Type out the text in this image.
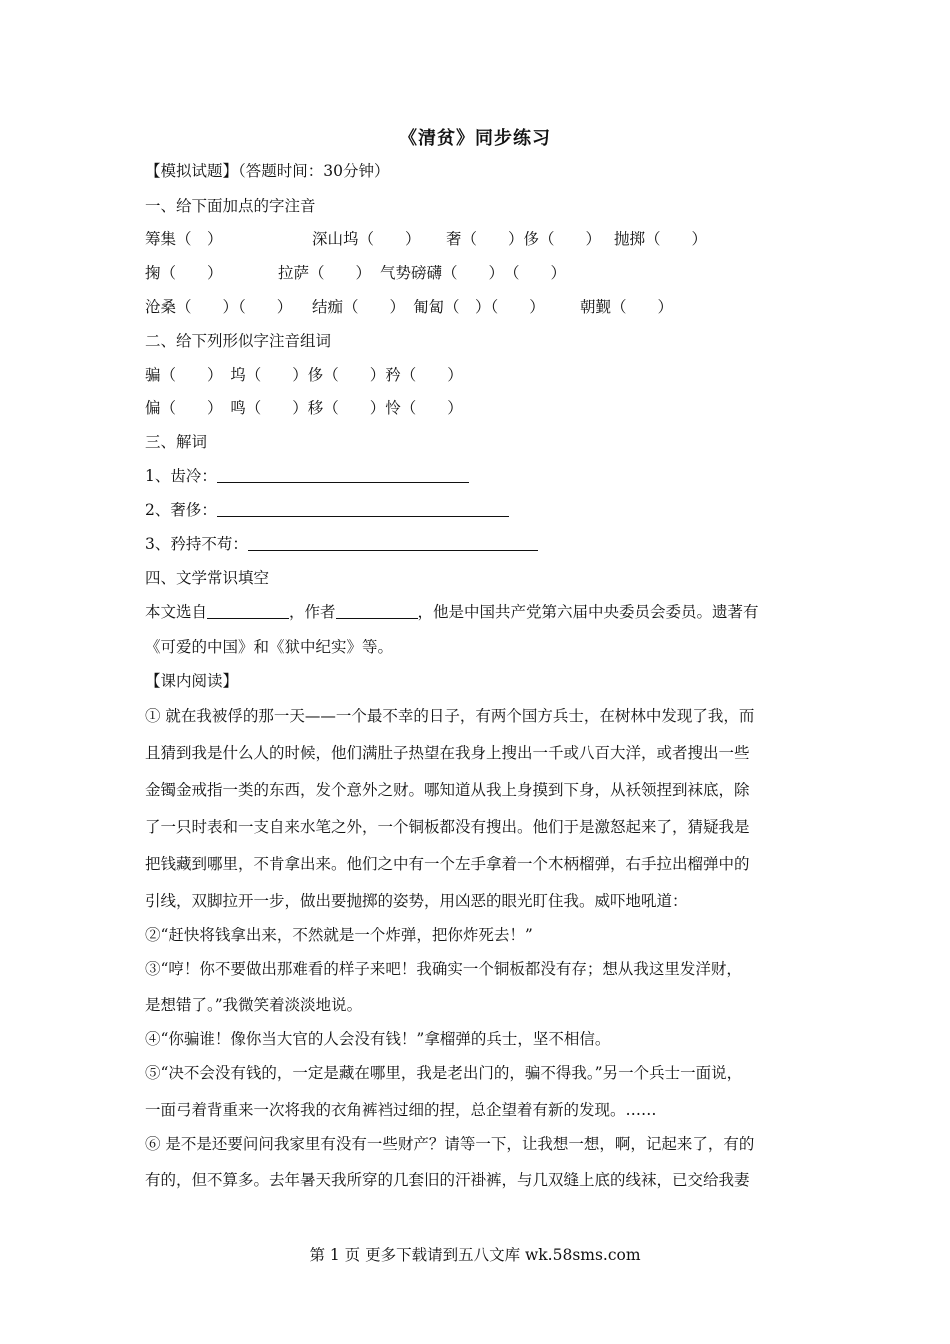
《清贫》同步练习
【模拟试题】（答题时间：30分钟）
一、给下面加点的字注音
筹集（　）	深山坞（　　） 奢（　　）侈（　　） 抛掷（　　）
掬（　　）	拉萨（　　） 气势磅礴（　　）　（　　）
沧桑（　　）（　　） 结痂（　　） 匍匐（　）（　　） 朝觐（　　）
二、给下列形似字注音组词
骗（　　）　坞（　　）侈（　　）矜（　　）
偏（　　）　鸣（　　）移（　　）怜（　　）
三、解词
1、齿冷：
2、奢侈：
3、矜持不苟：
四、文学常识填空
本文选自	，作者	，他是中国共产党第六届中央委员会委员。遗著有
《可爱的中国》和《狱中纪实》等。
【课内阅读】
① 就在我被俘的那一天——一个最不幸的日子，有两个国方兵士，在树林中发现了我，而
且猜到我是什么人的时候，他们满肚子热望在我身上搜出一千或八百大洋，或者搜出一些
金镯金戒指一类的东西，发个意外之财。哪知道从我上身摸到下身，从袄领捏到袜底，除
了一只时表和一支自来水笔之外，一个铜板都没有搜出。他们于是激怒起来了，猜疑我是
把钱藏到哪里，不肯拿出来。他们之中有一个左手拿着一个木柄榴弹，右手拉出榴弹中的
引线，双脚拉开一步，做出要抛掷的姿势，用凶恶的眼光盯住我。威吓地吼道：
②“赶快将钱拿出来，不然就是一个炸弹，把你炸死去！”
③“哼！你不要做出那难看的样子来吧！我确实一个铜板都没有存；想从我这里发洋财，
是想错了。”我微笑着淡淡地说。
④“你骗谁！像你当大官的人会没有钱！”拿榴弹的兵士，坚不相信。
⑤“决不会没有钱的，一定是藏在哪里，我是老出门的，骗不得我。”另一个兵士一面说，
一面弓着背重来一次将我的衣角裤裆过细的捏，总企望着有新的发现。……
⑥ 是不是还要问问我家里有没有一些财产？请等一下，让我想一想，啊，记起来了，有的
有的，但不算多。去年暑天我所穿的几套旧的汗褂裤，与几双缝上底的线袜，已交给我妻
第 1 页 更多下载请到五八文库 wk.58sms.com
